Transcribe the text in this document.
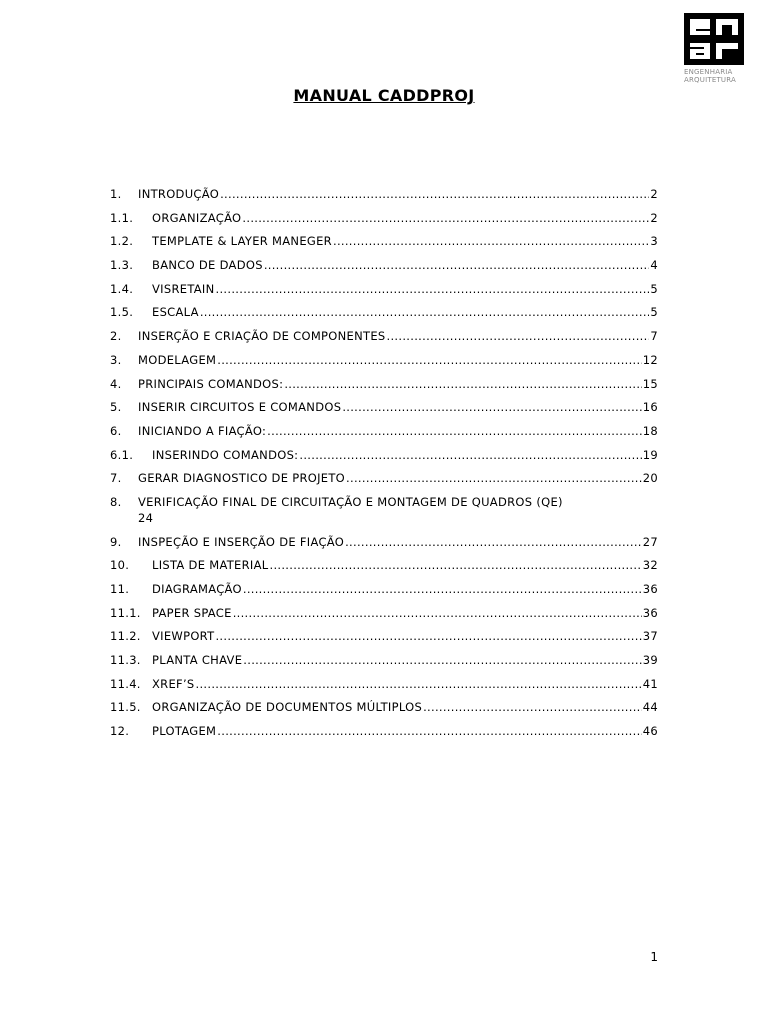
ENGENHARIA
ARQUITETURA
MANUAL CADDPROJ
1. INTRODUÇÃO .....	2
1.1. ORGANIZAÇÃO .....	2
1.2. TEMPLATE & LAYER MANEGER .....	3
1.3. BANCO DE DADOS .....	4
1.4. VISRETAIN .....	5
1.5. ESCALA .....	5
2. INSERÇÃO E CRIAÇÃO DE COMPONENTES .....	7
3. MODELAGEM .....	12
4. PRINCIPAIS COMANDOS: .....	15
5. INSERIR CIRCUITOS E COMANDOS .....	16
6. INICIANDO A FIAÇÃO: .....	18
6.1. INSERINDO COMANDOS: .....	19
7. GERAR DIAGNOSTICO DE PROJETO .....	20
8.	VERIFICAÇÃO FINAL DE CIRCUITAÇÃO E MONTAGEM DE QUADROS (QE)
24
9. INSPEÇÃO E INSERÇÃO DE FIAÇÃO .....	27
10. LISTA DE MATERIAL .....	32
11. DIAGRAMAÇÃO .....	36
11.1. PAPER SPACE .....	36
11.2. VIEWPORT .....	37
11.3. PLANTA CHAVE .....	39
11.4. XREF’S .....	41
11.5. ORGANIZAÇÃO DE DOCUMENTOS MÚLTIPLOS .....	44
12. PLOTAGEM .....	46
1
